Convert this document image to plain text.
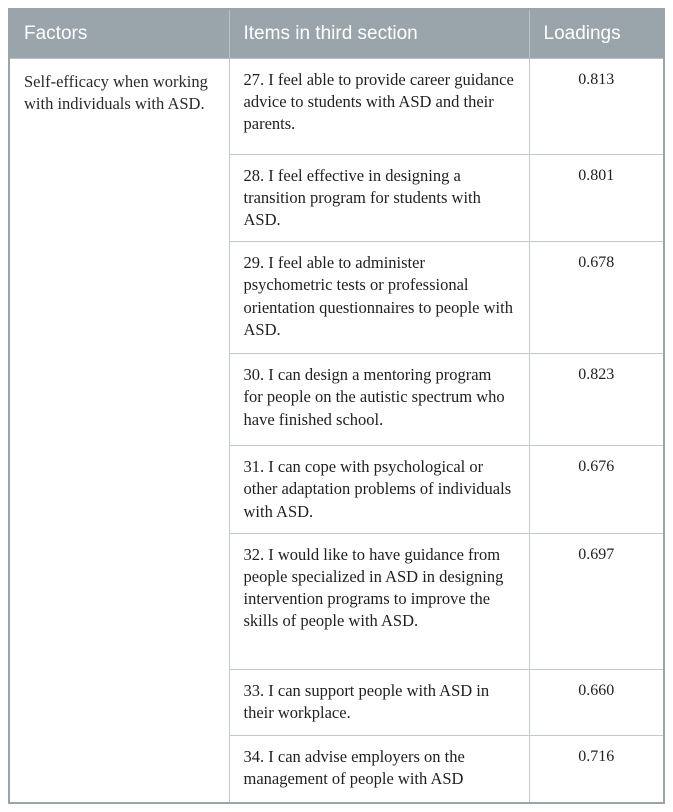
Factors	Items in third section	Loadings
Self-efficacy when working with individuals with ASD.	27. I feel able to provide career guidance advice to students with ASD and their parents.	0.813
	28. I feel effective in designing a transition program for students with ASD.	0.801
	29. I feel able to administer psychometric tests or professional orientation questionnaires to people with ASD.	0.678
	30. I can design a mentoring program for people on the autistic spectrum who have finished school.	0.823
	31. I can cope with psychological or other adaptation problems of individuals with ASD.	0.676
	32. I would like to have guidance from people specialized in ASD in designing intervention programs to improve the skills of people with ASD.	0.697
	33. I can support people with ASD in their workplace.	0.660
	34. I can advise employers on the management of people with ASD	0.716
